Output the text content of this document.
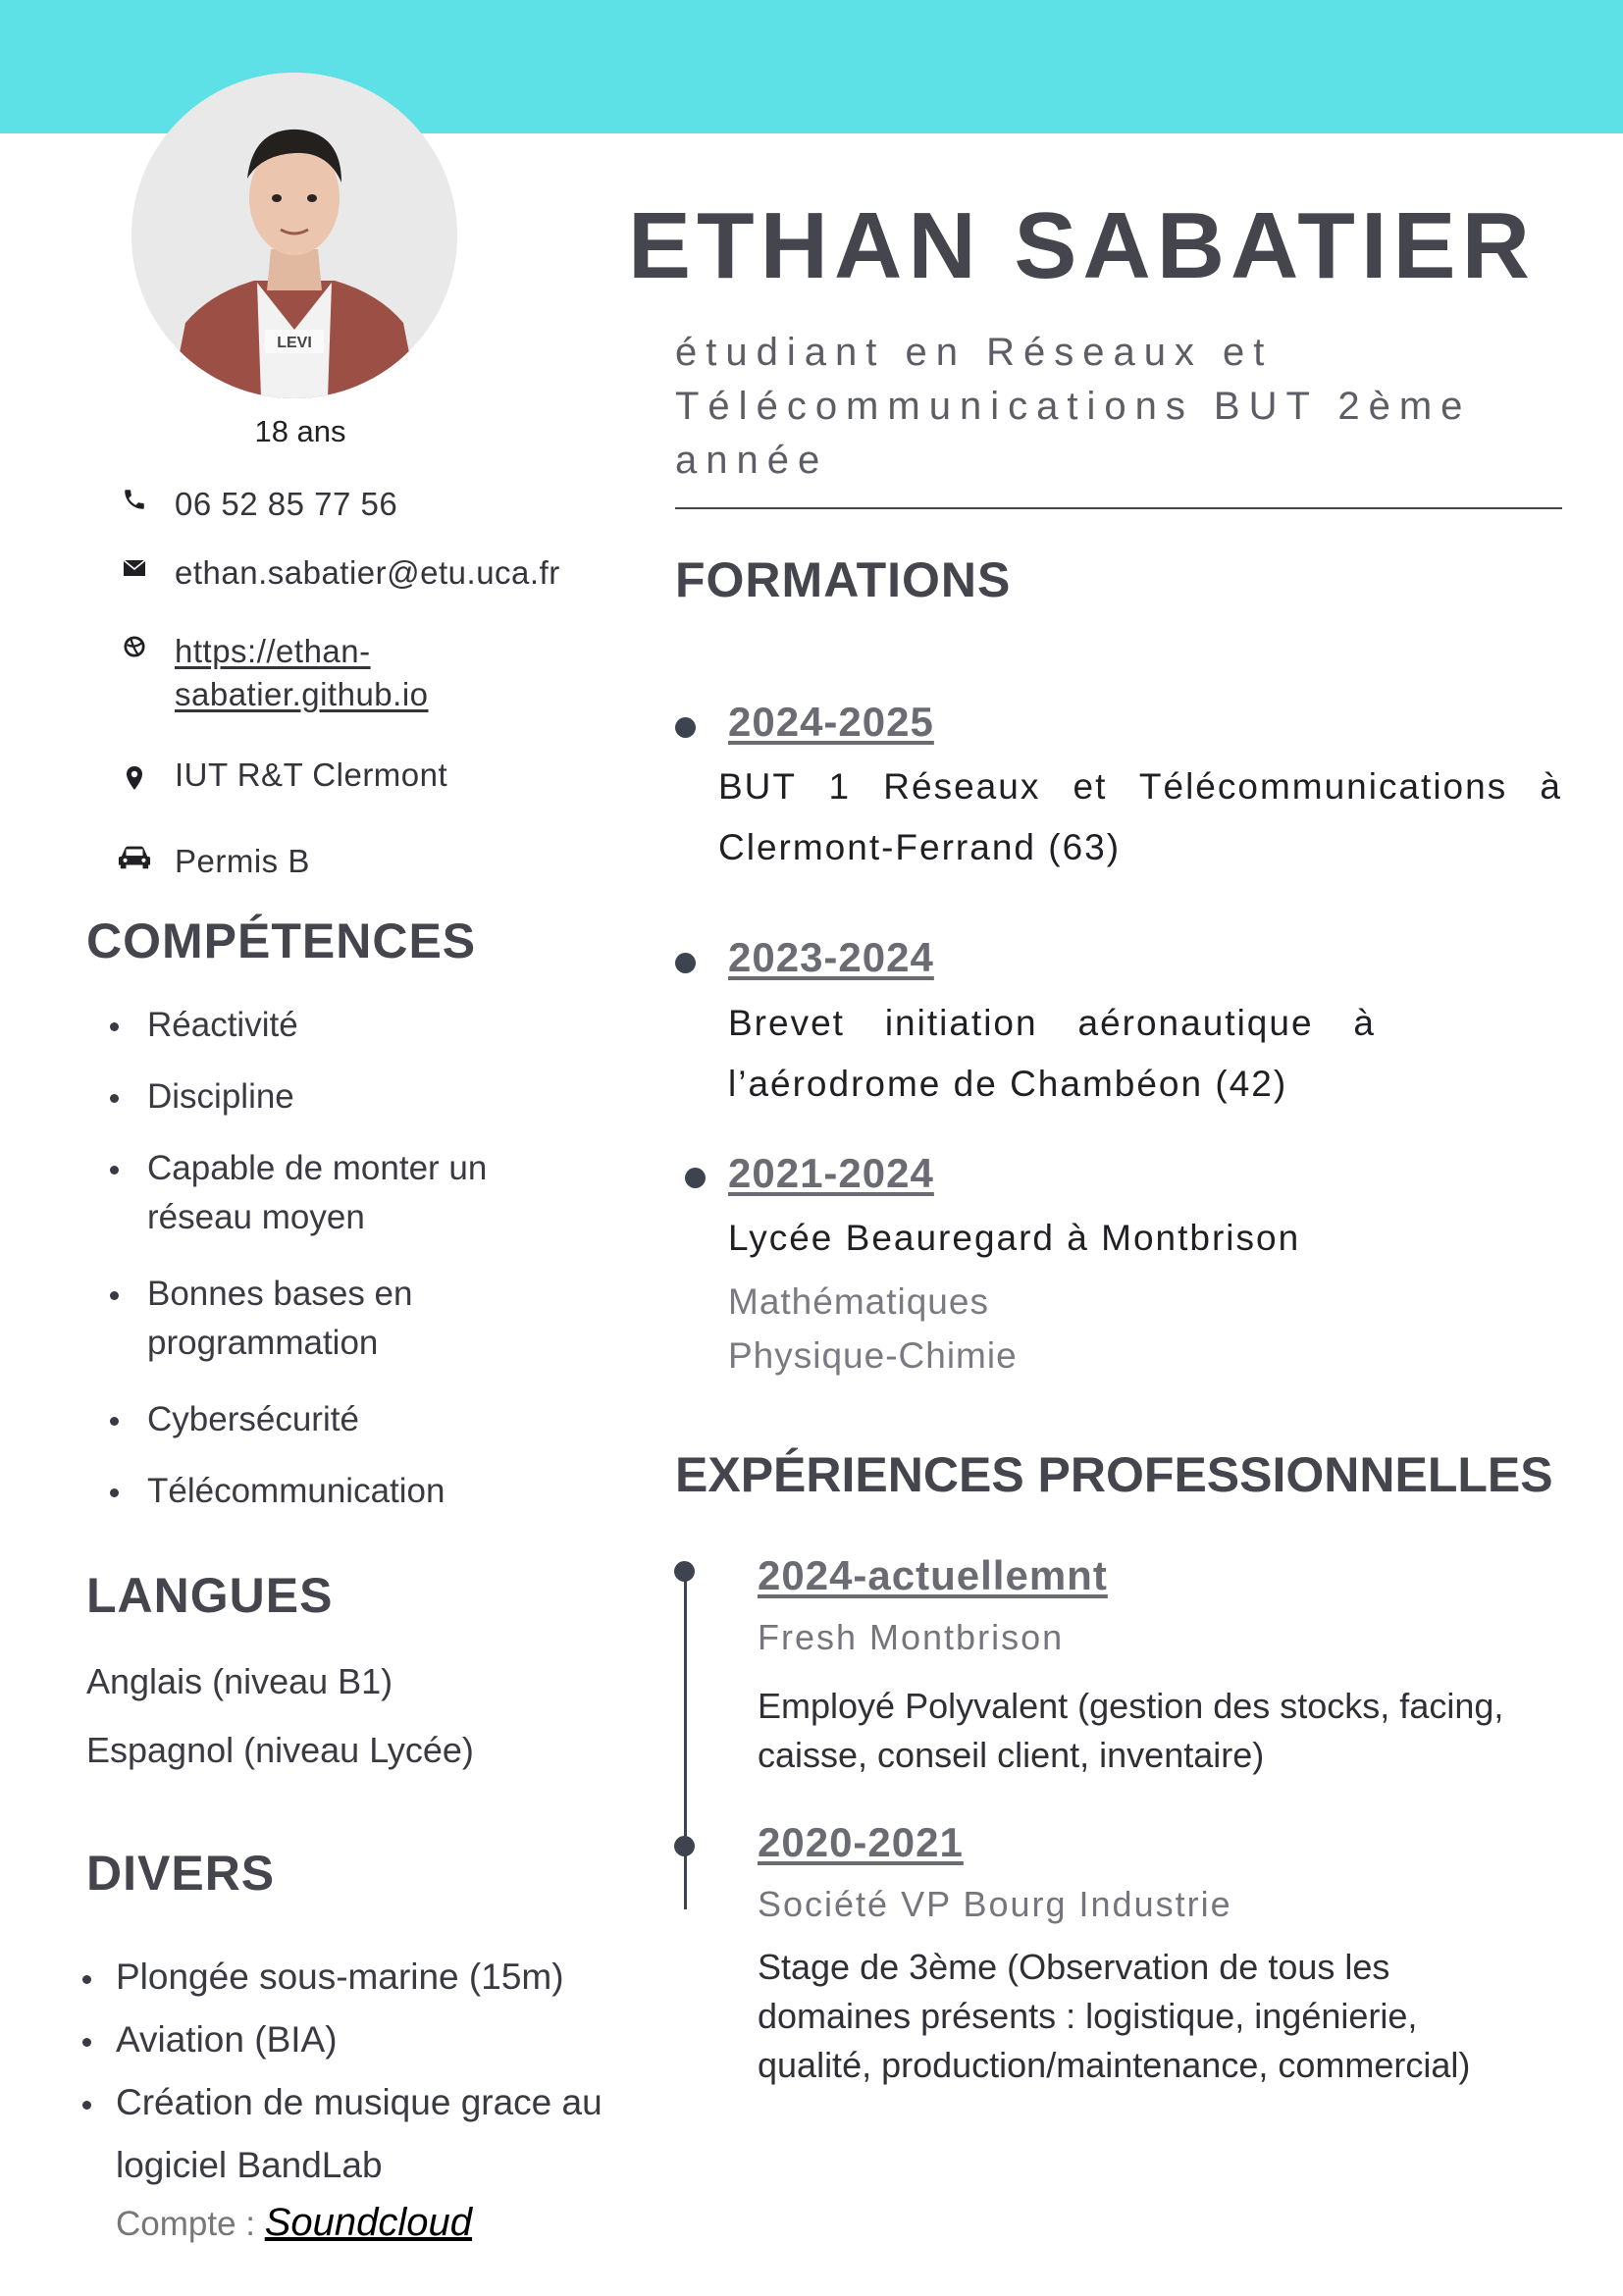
LEVI
18 ans
06 52 85 77 56
ethan.sabatier@etu.uca.fr
https://ethan-
sabatier.github.io
IUT R&T Clermont
Permis B
COMPÉTENCES
Réactivité
Discipline
Capable de monter un réseau moyen
Bonnes bases en programmation
Cybersécurité
Télécommunication
LANGUES
Anglais (niveau B1)
Espagnol (niveau Lycée)
DIVERS
Plongée sous-marine (15m)
Aviation (BIA)
Création de musique grace au logiciel BandLab
Compte : Soundcloud
ETHAN SABATIER
étudiant en Réseaux et Télécommunications BUT 2ème année
FORMATIONS
2024-2025
BUT 1 Réseaux et Télécommunications à Clermont-Ferrand (63)
2023-2024
Brevet initiation aéronautique à l’aérodrome de Chambéon (42)
2021-2024
Lycée Beauregard à Montbrison
Mathématiques
Physique-Chimie
EXPÉRIENCES PROFESSIONNELLES
2024-actuellemnt
Fresh Montbrison
Employé Polyvalent (gestion des stocks, facing, caisse, conseil client, inventaire)
2020-2021
Société VP Bourg Industrie
Stage de 3ème (Observation de tous les domaines présents : logistique, ingénierie, qualité, production/maintenance, commercial)
